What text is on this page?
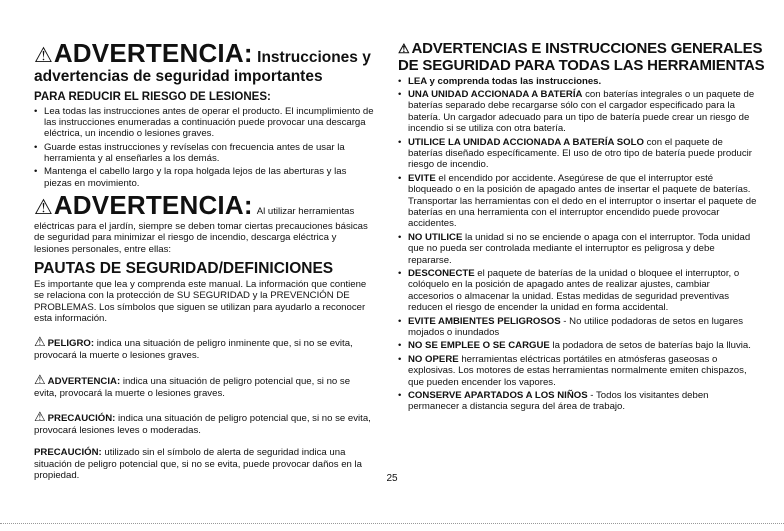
⚠ADVERTENCIA: Instrucciones y
advertencias de seguridad importantes
PARA REDUCIR EL RIESGO DE LESIONES:
• Lea todas las instrucciones antes de operar el producto. El incumplimiento de las instrucciones enumeradas a continuación puede provocar una descarga eléctrica, un incendio o lesiones graves.
• Guarde estas instrucciones y revíselas con frecuencia antes de usar la herramienta y al enseñarles a los demás.
• Mantenga el cabello largo y la ropa holgada lejos de las aberturas y las piezas en movimiento.
⚠ADVERTENCIA: Al utilizar herramientas
eléctricas para el jardín, siempre se deben tomar ciertas precauciones básicas de seguridad para minimizar el riesgo de incendio, descarga eléctrica y lesiones personales, entre ellas:
PAUTAS DE SEGURIDAD/DEFINICIONES

Es importante que lea y comprenda este manual. La información que contiene se relaciona con la protección de SU SEGURIDAD y la PREVENCIÓN DE PROBLEMAS. Los símbolos que siguen se utilizan para ayudarlo a reconocer esta información.

⚠ PELIGRO: indica una situación de peligro inminente que, si no se evita, provocará la muerte o lesiones graves.
⚠ ADVERTENCIA: indica una situación de peligro potencial que, si no se evita, provocará la muerte o lesiones graves.
⚠ PRECAUCIÓN: indica una situación de peligro potencial que, si no se evita, provocará lesiones leves o moderadas.
PRECAUCIÓN: utilizado sin el símbolo de alerta de seguridad indica una situación de peligro potencial que, si no se evita, puede provocar daños en la propiedad.
⚠ ADVERTENCIAS E INSTRUCCIONES GENERALES
DE SEGURIDAD PARA TODAS LAS HERRAMIENTAS
• LEA y comprenda todas las instrucciones.
• UNA UNIDAD ACCIONADA A BATERÍA con baterías integrales o un paquete de baterías separado debe recargarse sólo con el cargador especificado para la batería. Un cargador adecuado para un tipo de batería puede crear un riesgo de incendio si se utiliza con otra batería.
• UTILICE LA UNIDAD ACCIONADA A BATERÍA SOLO con el paquete de baterías diseñado específicamente. El uso de otro tipo de batería puede producir riesgo de incendio.
• EVITE el encendido por accidente. Asegúrese de que el interruptor esté bloqueado o en la posición de apagado antes de insertar el paquete de baterías. Transportar las herramientas con el dedo en el interruptor o insertar el paquete de baterías en una herramienta con el interruptor encendido puede provocar accidentes.
• NO UTILICE la unidad si no se enciende o apaga con el interruptor. Toda unidad que no pueda ser controlada mediante el interruptor es peligrosa y debe repararse.
• DESCONECTE el paquete de baterías de la unidad o bloquee el interruptor, o colóquelo en la posición de apagado antes de realizar ajustes, cambiar accesorios o almacenar la unidad. Estas medidas de seguridad preventivas reducen el riesgo de encender la unidad en forma accidental.
• EVITE AMBIENTES PELIGROSOS - No utilice podadoras de setos en lugares mojados o inundados
• NO SE EMPLEE O SE CARGUE la podadora de setos de baterías bajo la lluvia.
• NO OPERE herramientas eléctricas portátiles en atmósferas gaseosas o explosivas. Los motores de estas herramientas normalmente emiten chispazos, que pueden encender los vapores.
• CONSERVE APARTADOS A LOS NIÑOS - Todos los visitantes deben permanecer a distancia segura del área de trabajo.
25
